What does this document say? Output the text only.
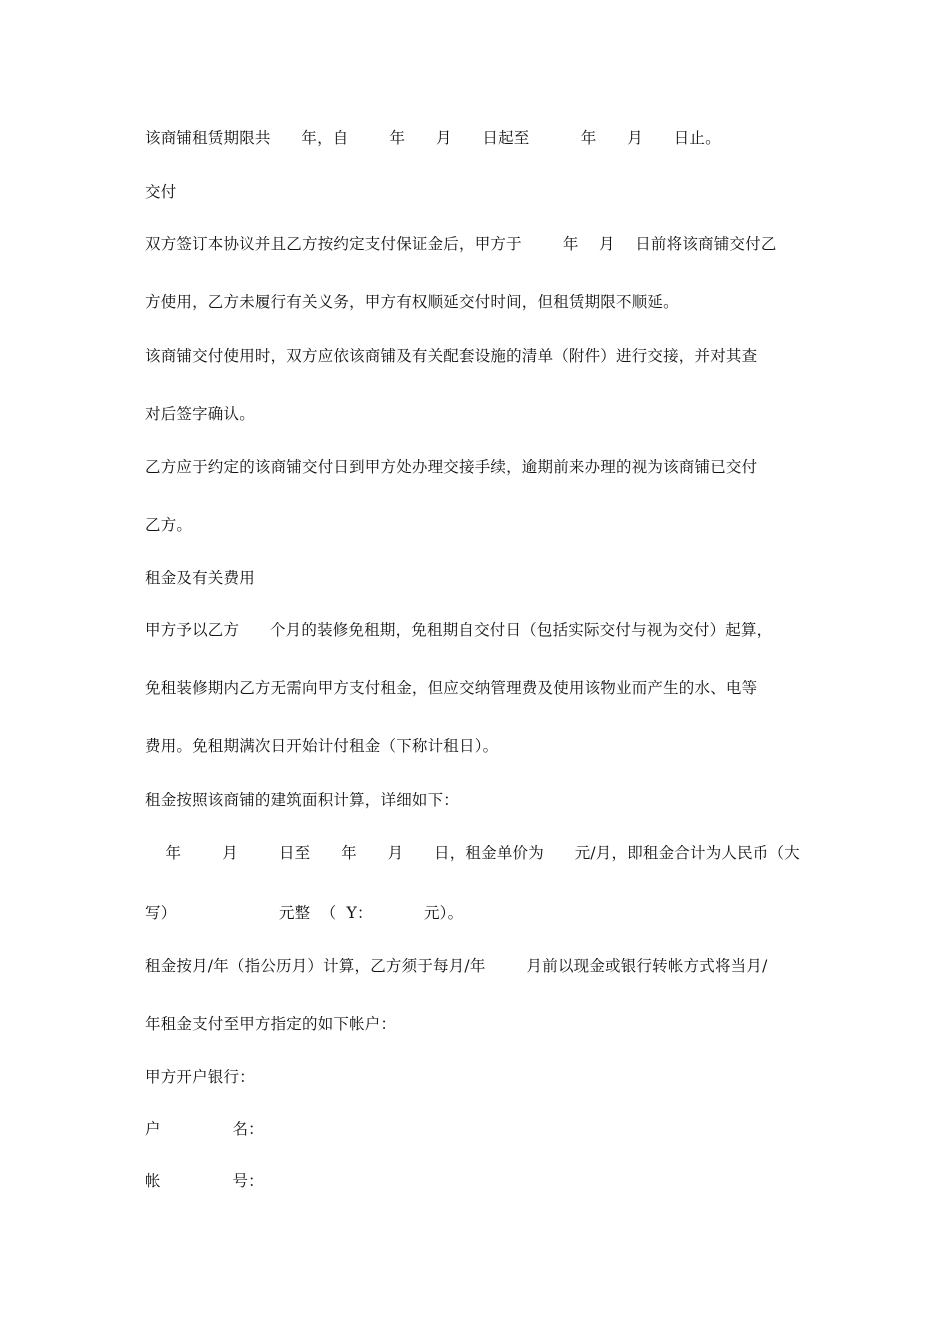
该商铺租赁期限共      年，自        年      月      日起至          年      月      日止。
交付
双方签订本协议并且乙方按约定支付保证金后，甲方于        年    月    日前将该商铺交付乙
方使用，乙方未履行有关义务，甲方有权顺延交付时间，但租赁期限不顺延。
该商铺交付使用时，双方应依该商铺及有关配套设施的清单（附件）进行交接，并对其查
对后签字确认。
乙方应于约定的该商铺交付日到甲方处办理交接手续，逾期前来办理的视为该商铺已交付
乙方。
租金及有关费用
甲方予以乙方      个月的装修免租期，免租期自交付日（包括实际交付与视为交付）起算，
免租装修期内乙方无需向甲方支付租金，但应交纳管理费及使用该物业而产生的水、电等
费用。免租期满次日开始计付租金（下称计租日）。
租金按照该商铺的建筑面积计算，详细如下：
年        月        日至      年      月      日，租金单价为      元/月，即租金合计为人民币（大
写）                    元整  （  Y：          元）。
租金按月/年（指公历月）计算，乙方须于每月/年        月前以现金或银行转帐方式将当月/
年租金支付至甲方指定的如下帐户：
甲方开户银行：
户              名：
帐              号：
